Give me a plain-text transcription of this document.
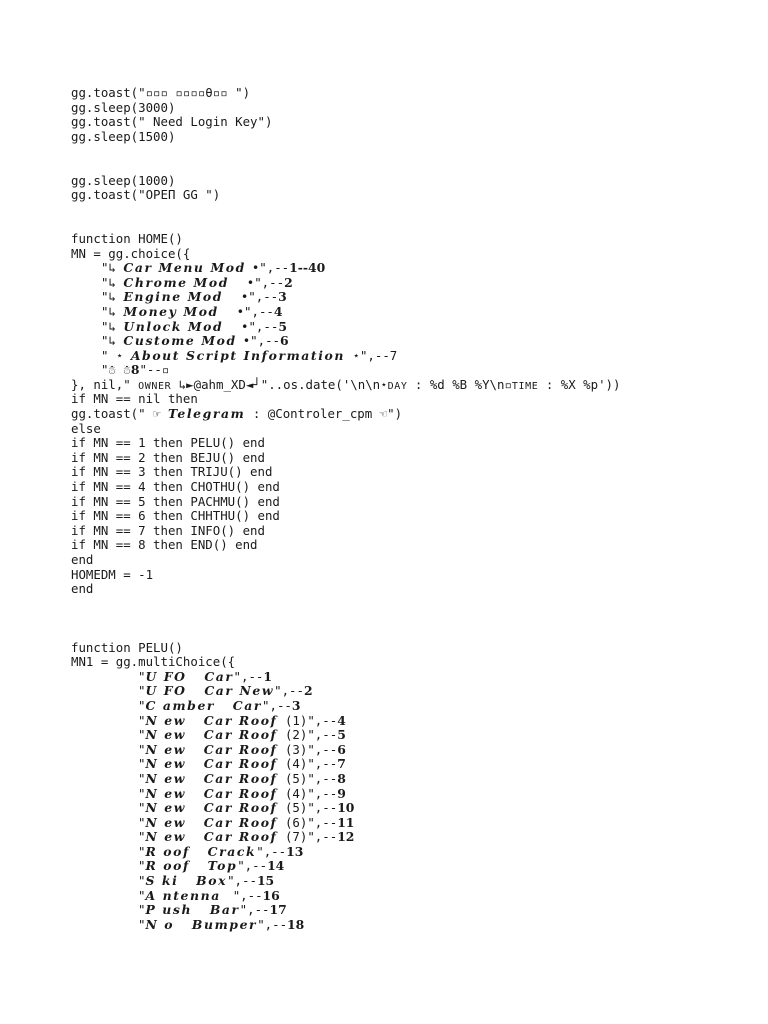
gg.toast("▫▫▫ ▫▫▫▫θ▫▫ ")
gg.sleep(3000)
gg.toast(" Need Login Key")
gg.sleep(1500)
gg.sleep(1000)
gg.toast("OPEΠ GG ")
function HOME()
MN = gg.choice({
"↳ Car Menu Mod •",--1--40
"↳ Chrome Mod   •",--2
"↳ Engine Mod   •",--3
"↳ Money Mod   •",--4
"↳ Unlock Mod   •",--5
"↳ Custome Mod •",--6
" ⋆ About Script Information ⋆",--7
"☃ ☃8"--▫
}, nil," OWNER ↳►@ahm_XD◄┘"..os.date('\n\n⋆DAY : %d %B %Y\n▫TIME : %X %p'))
if MN == nil then
gg.toast(" ☞ Telegram : @Controler_cpm ☜")
else
if MN == 1 then PELU() end
if MN == 2 then BEJU() end
if MN == 3 then TRIJU() end
if MN == 4 then CHOTHU() end
if MN == 5 then PACHMU() end
if MN == 6 then CHHTHU() end
if MN == 7 then INFO() end
if MN == 8 then END() end
end
HOMEDM = -1
end
function PELU()
MN1 = gg.multiChoice({
"U FO   Car",--1
"U FO   Car New",--2
"C amber   Car",--3
"N ew   Car Roof (1)",--4
"N ew   Car Roof (2)",--5
"N ew   Car Roof (3)",--6
"N ew   Car Roof (4)",--7
"N ew   Car Roof (5)",--8
"N ew   Car Roof (4)",--9
"N ew   Car Roof (5)",--10
"N ew   Car Roof (6)",--11
"N ew   Car Roof (7)",--12
"R oof   Crack",--13
"R oof   Top",--14
"S ki   Box",--15
"A ntenna  ",--16
"P ush   Bar",--17
"N o   Bumper",--18
